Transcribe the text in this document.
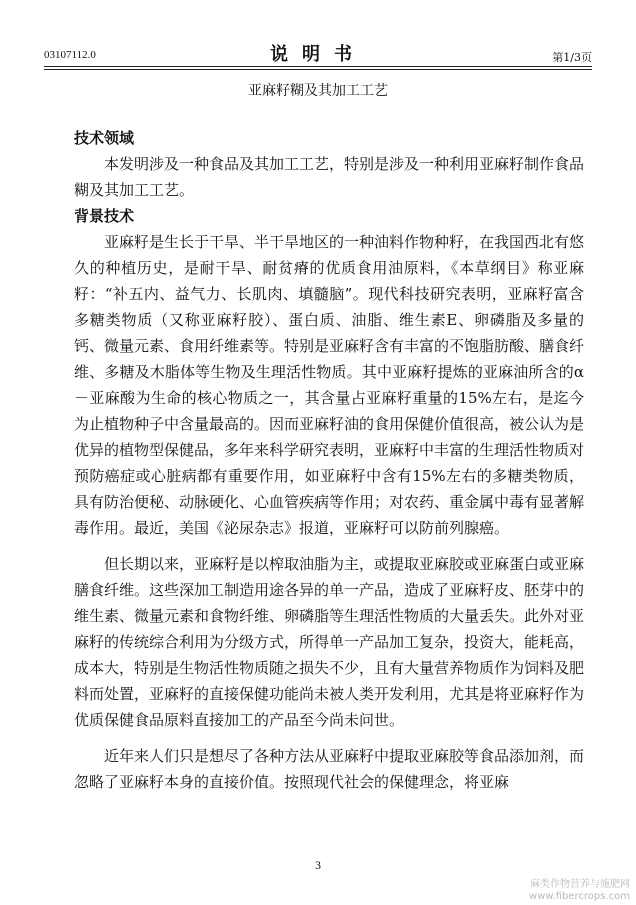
03107112.0	说明书	第1/3页
亚麻籽糊及其加工工艺

技术领域

本发明涉及一种食品及其加工工艺，特别是涉及一种利用亚麻籽制作食品糊及其加工工艺。

背景技术

亚麻籽是生长于干旱、半干旱地区的一种油料作物种籽，在我国西北有悠久的种植历史，是耐干旱、耐贫瘠的优质食用油原料，《本草纲目》称亚麻籽：“补五内、益气力、长肌肉、填髓脑”。现代科技研究表明，亚麻籽富含多糖类物质（又称亚麻籽胶）、蛋白质、油脂、维生素E、卵磷脂及多量的钙、微量元素、食用纤维素等。特别是亚麻籽含有丰富的不饱脂肪酸、膳食纤维、多糖及木脂体等生物及生理活性物质。其中亚麻籽提炼的亚麻油所含的α－亚麻酸为生命的核心物质之一，其含量占亚麻籽重量的15%左右，是迄今为止植物种子中含量最高的。因而亚麻籽油的食用保健价值很高，被公认为是优异的植物型保健品，多年来科学研究表明，亚麻籽中丰富的生理活性物质对预防癌症或心脏病都有重要作用，如亚麻籽中含有15%左右的多糖类物质，具有防治便秘、动脉硬化、心血管疾病等作用；对农药、重金属中毒有显著解毒作用。最近，美国《泌尿杂志》报道，亚麻籽可以防前列腺癌。

但长期以来，亚麻籽是以榨取油脂为主，或提取亚麻胶或亚麻蛋白或亚麻膳食纤维。这些深加工制造用途各异的单一产品，造成了亚麻籽皮、胚芽中的维生素、微量元素和食物纤维、卵磷脂等生理活性物质的大量丢失。此外对亚麻籽的传统综合利用为分级方式，所得单一产品加工复杂，投资大，能耗高，成本大，特别是生物活性物质随之损失不少，且有大量营养物质作为饲料及肥料而处置，亚麻籽的直接保健功能尚未被人类开发利用，尤其是将亚麻籽作为优质保健食品原料直接加工的产品至今尚未问世。

近年来人们只是想尽了各种方法从亚麻籽中提取亚麻胶等食品添加剂，而忽略了亚麻籽本身的直接价值。按照现代社会的保健理念，将亚麻

3
麻类作物营养与施肥网
www.fibercrops.com
